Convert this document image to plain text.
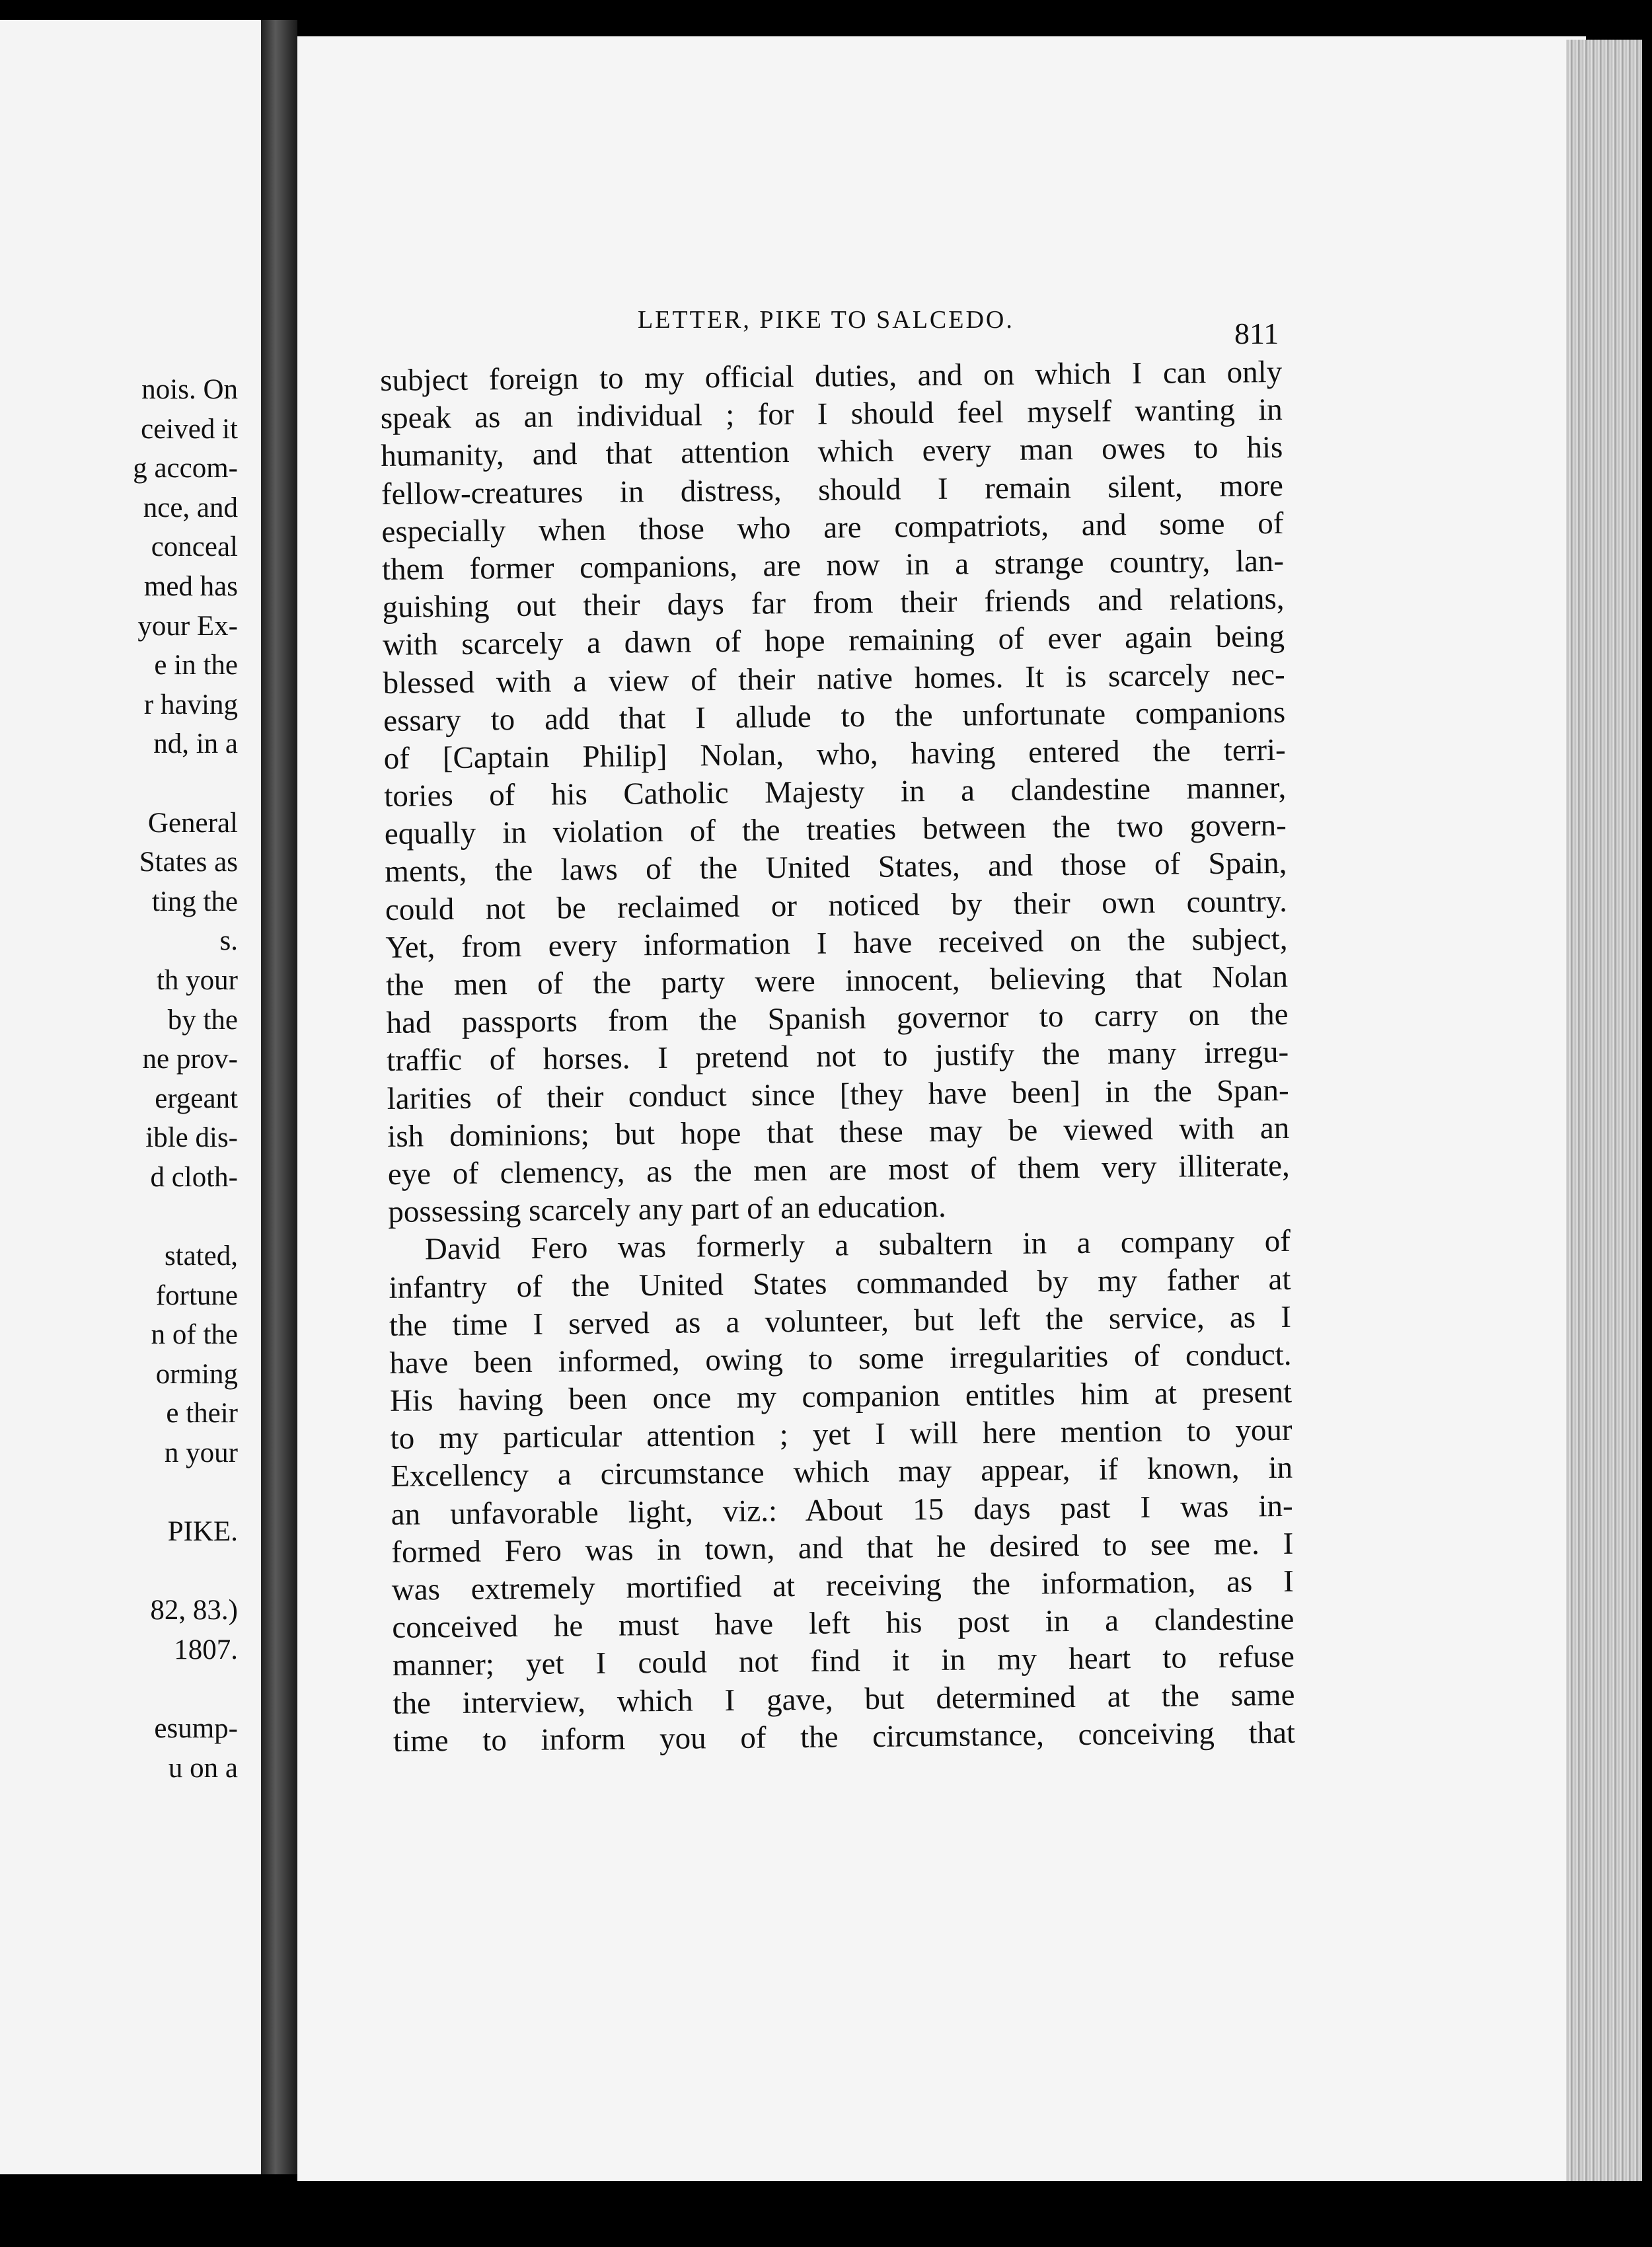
nois. On
ceived it
g accom-
nce, and
conceal
med has
your Ex-
e in the
r having
nd, in a
General
States as
ting the
s.
th your
by the
ne prov-
ergeant
ible dis-
d cloth-
stated,
fortune
n of the
orming
e their
n your
PIKE.
82, 83.)
1807.
esump-
u on a
LETTER, PIKE TO SALCEDO.	811
subject foreign to my official duties, and on which I can only
speak as an individual ; for I should feel myself wanting in
humanity, and that attention which every man owes to his
fellow-creatures in distress, should I remain silent, more
especially when those who are compatriots, and some of
them former companions, are now in a strange country, lan-
guishing out their days far from their friends and relations,
with scarcely a dawn of hope remaining of ever again being
blessed with a view of their native homes. It is scarcely nec-
essary to add that I allude to the unfortunate companions
of [Captain Philip] Nolan, who, having entered the terri-
tories of his Catholic Majesty in a clandestine manner,
equally in violation of the treaties between the two govern-
ments, the laws of the United States, and those of Spain,
could not be reclaimed or noticed by their own country.
Yet, from every information I have received on the subject,
the men of the party were innocent, believing that Nolan
had passports from the Spanish governor to carry on the
traffic of horses. I pretend not to justify the many irregu-
larities of their conduct since [they have been] in the Span-
ish dominions; but hope that these may be viewed with an
eye of clemency, as the men are most of them very illiterate,
possessing scarcely any part of an education.
David Fero was formerly a subaltern in a company of
infantry of the United States commanded by my father at
the time I served as a volunteer, but left the service, as I
have been informed, owing to some irregularities of conduct.
His having been once my companion entitles him at present
to my particular attention ; yet I will here mention to your
Excellency a circumstance which may appear, if known, in
an unfavorable light, viz.: About 15 days past I was in-
formed Fero was in town, and that he desired to see me. I
was extremely mortified at receiving the information, as I
conceived he must have left his post in a clandestine
manner; yet I could not find it in my heart to refuse
the interview, which I gave, but determined at the same
time to inform you of the circumstance, conceiving that
